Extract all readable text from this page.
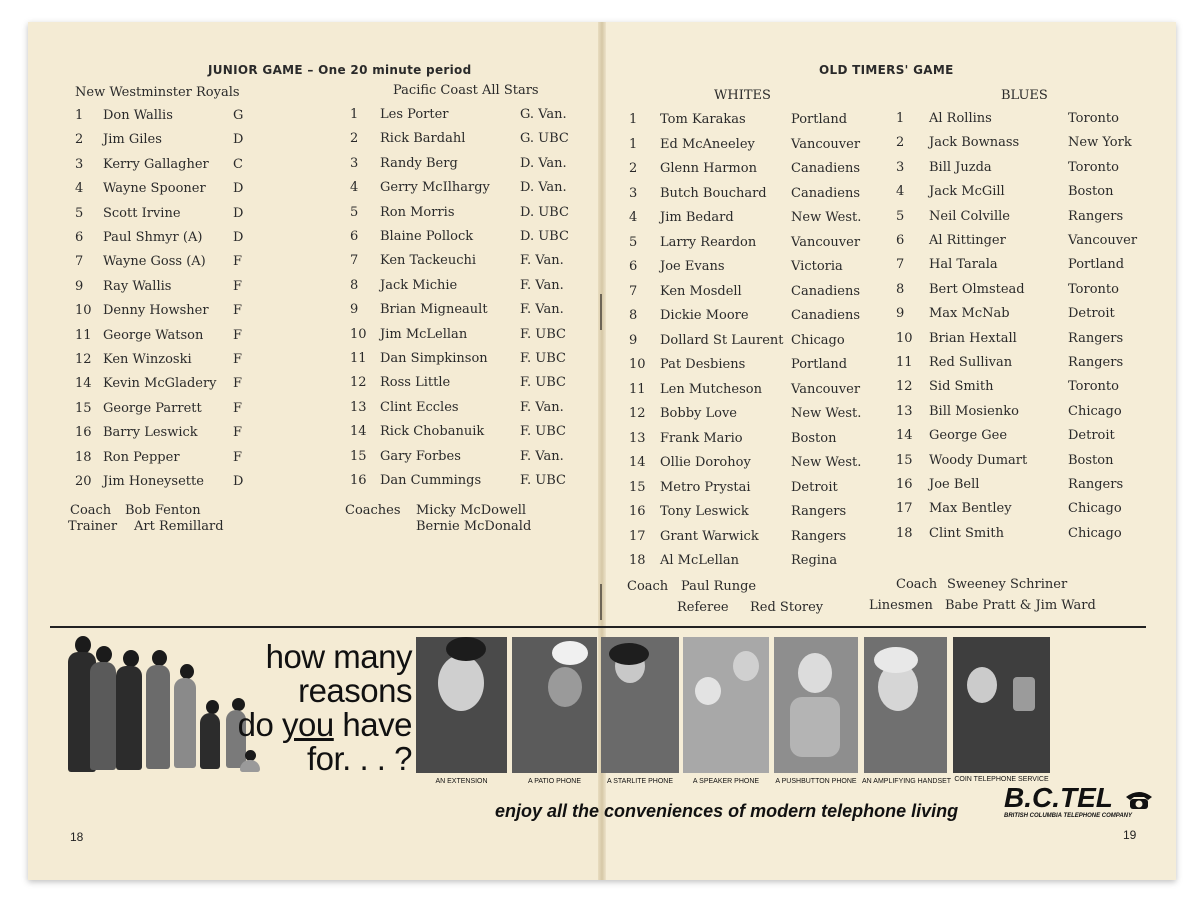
JUNIOR GAME – One 20 minute period
New Westminster Royals	Pacific Coast All Stars
1 Don Wallis	G
2 Jim Giles	D
3 Kerry Gallagher C
4 Wayne Spooner D
5 Scott Irvine	D
6 Paul Shmyr (A) D
7 Wayne Goss (A) F
9 Ray Wallis	F
10 Denny Howsher F
11 George Watson F
12 Ken Winzoski	F
14 Kevin McGladery F
15 George Parrett F
16 Barry Leswick	F
18 Ron Pepper	F
20 Jim Honeysette D
1 Les Porter	G. Van.
2 Rick Bardahl	G. UBC
3 Randy Berg	D. Van.
4 Gerry McIlhargy D. Van.
5 Ron Morris	D. UBC
6 Blaine Pollock	D. UBC
7 Ken Tackeuchi	F. Van.
8 Jack Michie	F. Van.
9 Brian Migneault F. Van.
10 Jim McLellan	F. UBC
11 Dan Simpkinson F. UBC
12 Ross Little	F. UBC
13 Clint Eccles	F. Van.
14 Rick Chobanuik	F. UBC
15 Gary Forbes	F. Van.
16 Dan Cummings	F. UBC
Coach Bob Fenton
Trainer Art Remillard
Coaches Micky McDowell
Bernie McDonald
OLD TIMERS' GAME
WHITES	BLUES
1 Tom Karakas	Portland
1 Ed McAneeley	Vancouver
2 Glenn Harmon	Canadiens
3 Butch Bouchard Canadiens
4 Jim Bedard	New West.
5 Larry Reardon	Vancouver
6 Joe Evans	Victoria
7 Ken Mosdell	Canadiens
8 Dickie Moore	Canadiens
9 Dollard St Laurent Chicago
10 Pat Desbiens	Portland
11 Len Mutcheson Vancouver
12 Bobby Love	New West.
13 Frank Mario	Boston
14 Ollie Dorohoy	New West.
15 Metro Prystai	Detroit
16 Tony Leswick	Rangers
17 Grant Warwick Rangers
18 Al McLellan	Regina
1 Al Rollins	Toronto
2 Jack Bownass	New York
3 Bill Juzda	Toronto
4 Jack McGill	Boston
5 Neil Colville	Rangers
6 Al Rittinger	Vancouver
7 Hal Tarala	Portland
8 Bert Olmstead	Toronto
9 Max McNab	Detroit
10 Brian Hextall	Rangers
11 Red Sullivan	Rangers
12 Sid Smith	Toronto
13 Bill Mosienko	Chicago
14 George Gee	Detroit
15 Woody Dumart	Boston
16 Joe Bell	Rangers
17 Max Bentley	Chicago
18 Clint Smith	Chicago
Coach Paul Runge	Coach Sweeney Schriner
Referee Red Storey	Linesmen Babe Pratt & Jim Ward
how many
reasons
do you have
for. . . ?
AN EXTENSION	A PATIO PHONE	A STARLITE PHONE	A SPEAKER PHONE	A PUSHBUTTON PHONE AN AMPLIFYING HANDSET COIN TELEPHONE SERVICE
enjoy all the conveniences of modern telephone living B.C.TEL
BRITISH COLUMBIA TELEPHONE COMPANY
18	19
